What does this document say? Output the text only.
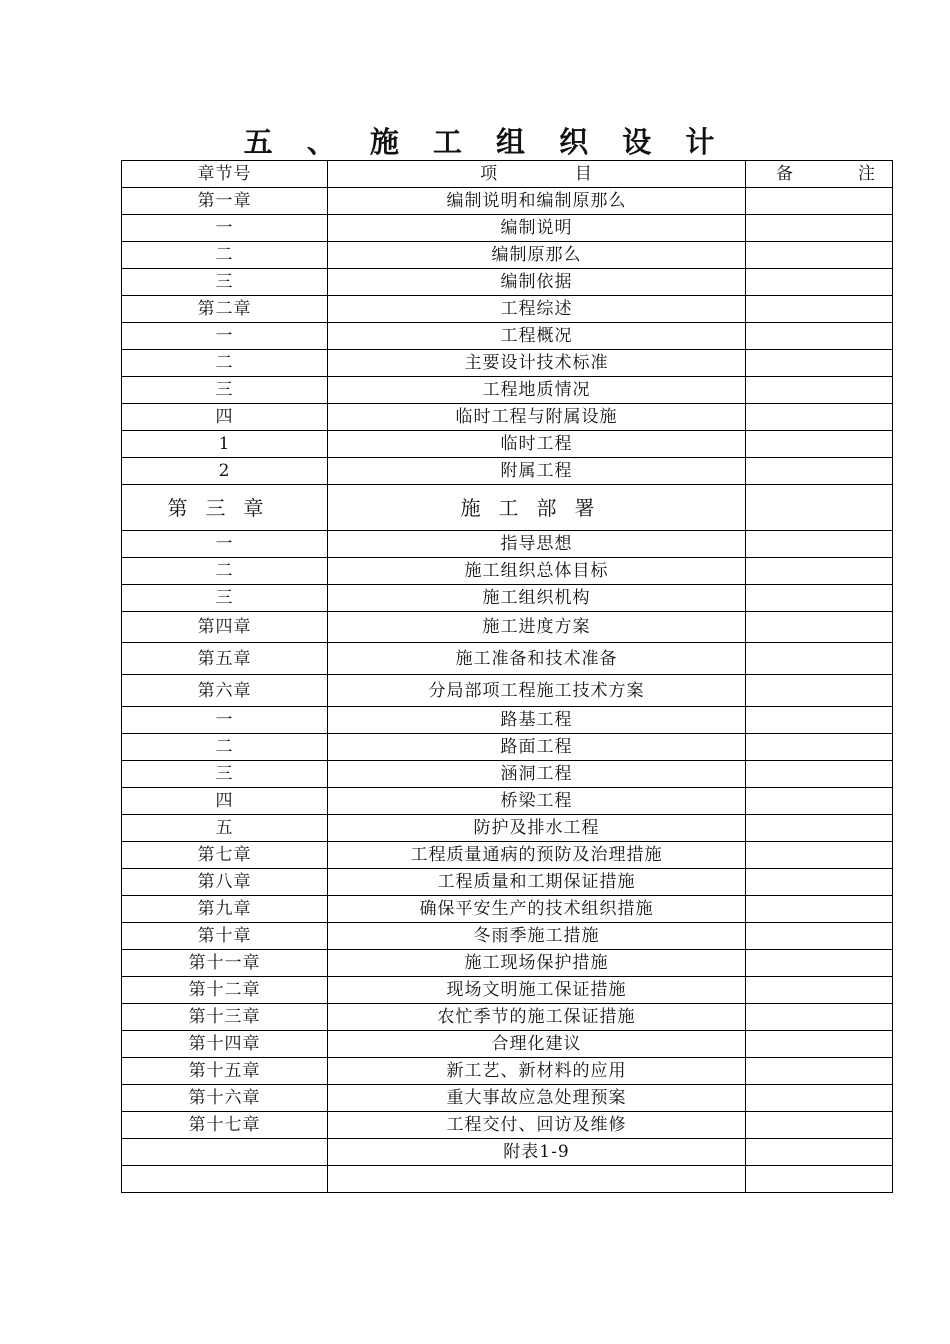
五 、 施 工 组 织 设 计
章节号	项            目	备 注

第一章	编制说明和编制原那么	
一	编制说明	
二	编制原那么	
三	编制依据	
第二章	工程综述	
一	工程概况	
二	主要设计技术标准	
三	工程地质情况	
四	临时工程与附属设施	
1	临时工程	
2	附属工程	
第三章	施工部署	
一	指导思想	
二	施工组织总体目标	
三	施工组织机构	
第四章	施工进度方案	
第五章	施工准备和技术准备	
第六章	分局部项工程施工技术方案	
一	路基工程	
二	路面工程	
三	涵洞工程	
四	桥梁工程	
五	防护及排水工程	
第七章	工程质量通病的预防及治理措施	
第八章	工程质量和工期保证措施	
第九章	确保平安生产的技术组织措施	
第十章	冬雨季施工措施	
第十一章	施工现场保护措施	
第十二章	现场文明施工保证措施	
第十三章	农忙季节的施工保证措施	
第十四章	合理化建议	
第十五章	新工艺、新材料的应用	
第十六章	重大事故应急处理预案	
第十七章	工程交付、回访及维修	
	附表1-9	
